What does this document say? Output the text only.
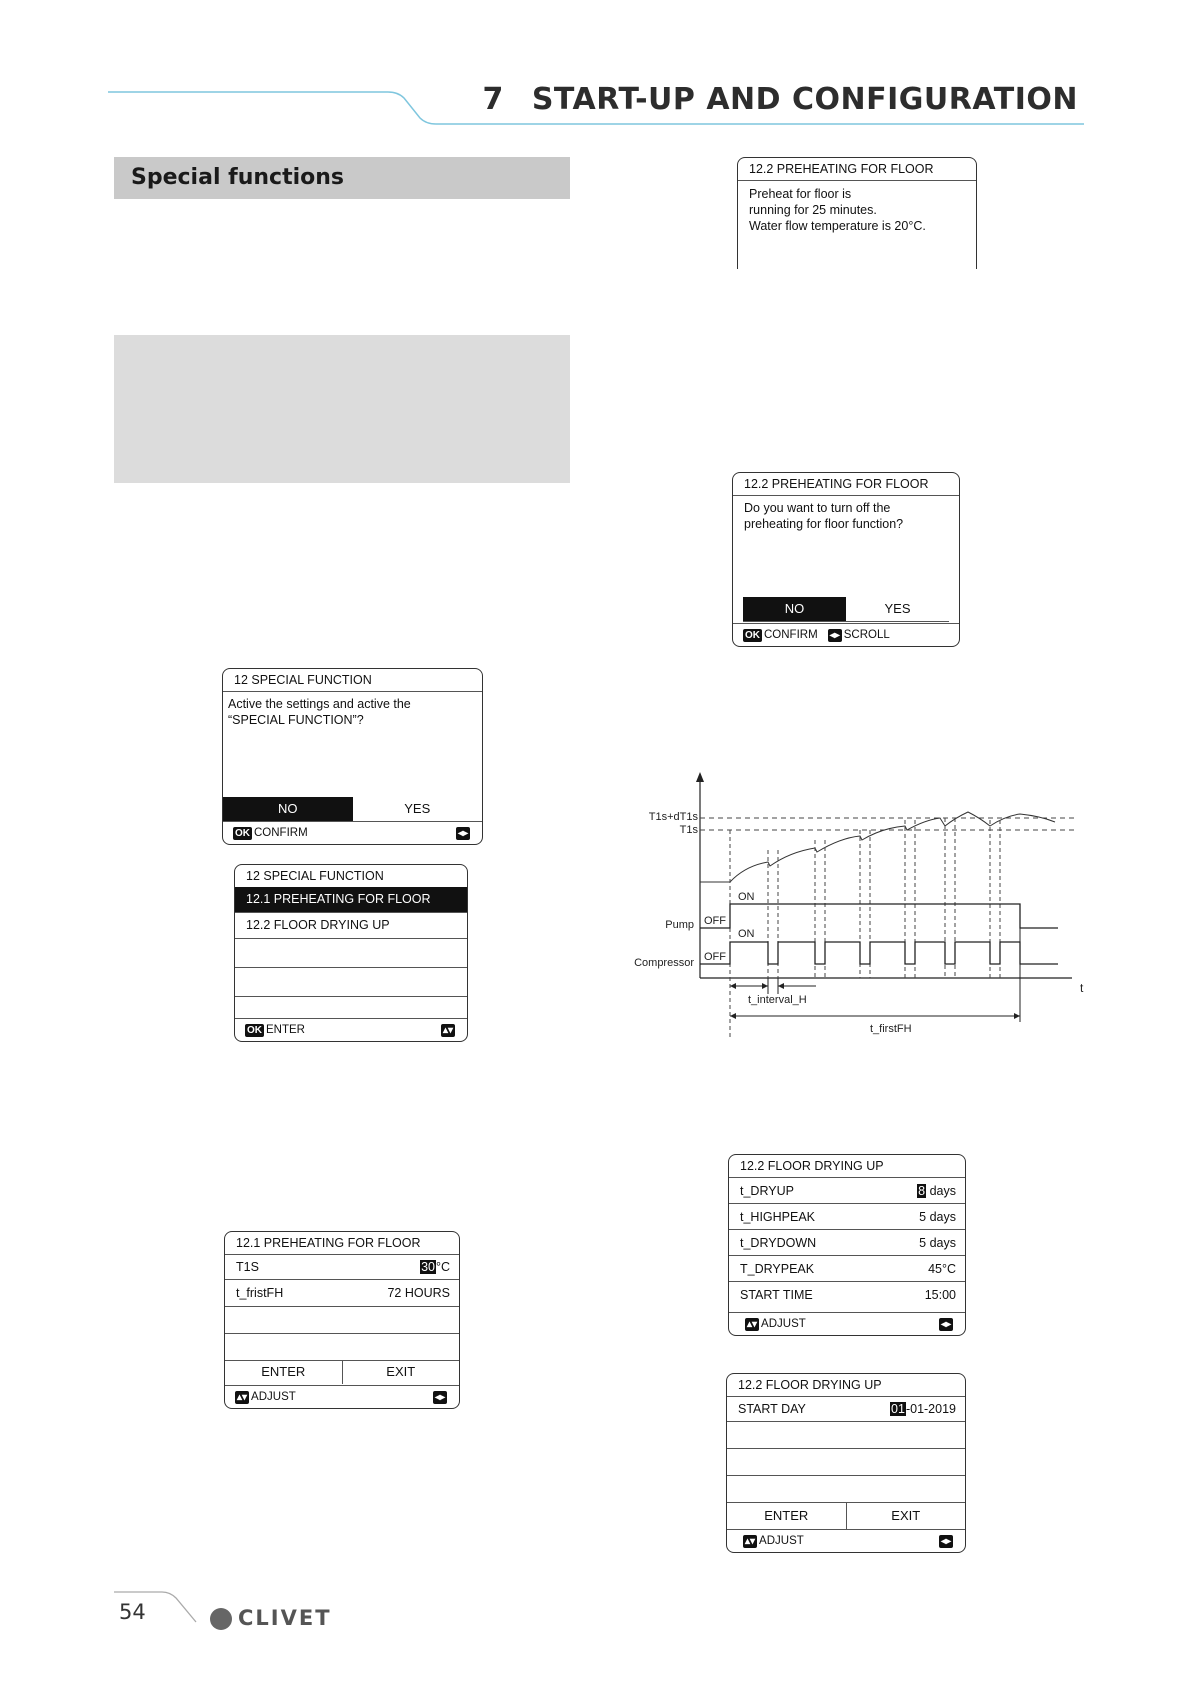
7 START-UP AND CONFIGURATION
Special functions	12.2 PREHEATING FOR FLOOR
Preheat for floor is
running for 25 minutes.
Water flow temperature is 20°C.
12.2 PREHEATING FOR FLOOR
Do you want to turn off the
preheating for floor function?
NO	YES
OK CONFIRM ◂▸ SCROLL
12 SPECIAL FUNCTION
Active the settings and active the
“SPECIAL FUNCTION”?
NO	YES
OK CONFIRM	◂▸
12 SPECIAL FUNCTION
12.1 PREHEATING FOR FLOOR
12.2 FLOOR DRYING UP
OK ENTER	▴▾
T1s+dT1s
T1s
Pump OFF
ON
Compressor OFF
ON
t
t_interval_H
t_firstFH
12.1 PREHEATING FOR FLOOR
T1S	30°C
t_fristFH	72 HOURS
ENTER	EXIT
▴▾ ADJUST	◂▸
12.2 FLOOR DRYING UP
t_DRYUP	8 days
t_HIGHPEAK	5 days
t_DRYDOWN	5 days
T_DRYPEAK	45°C
START TIME	15:00
▴▾ ADJUST	◂▸
12.2 FLOOR DRYING UP
START DAY	01-01-2019
ENTER	EXIT
▴▾ ADJUST	◂▸
54	CLIVET
